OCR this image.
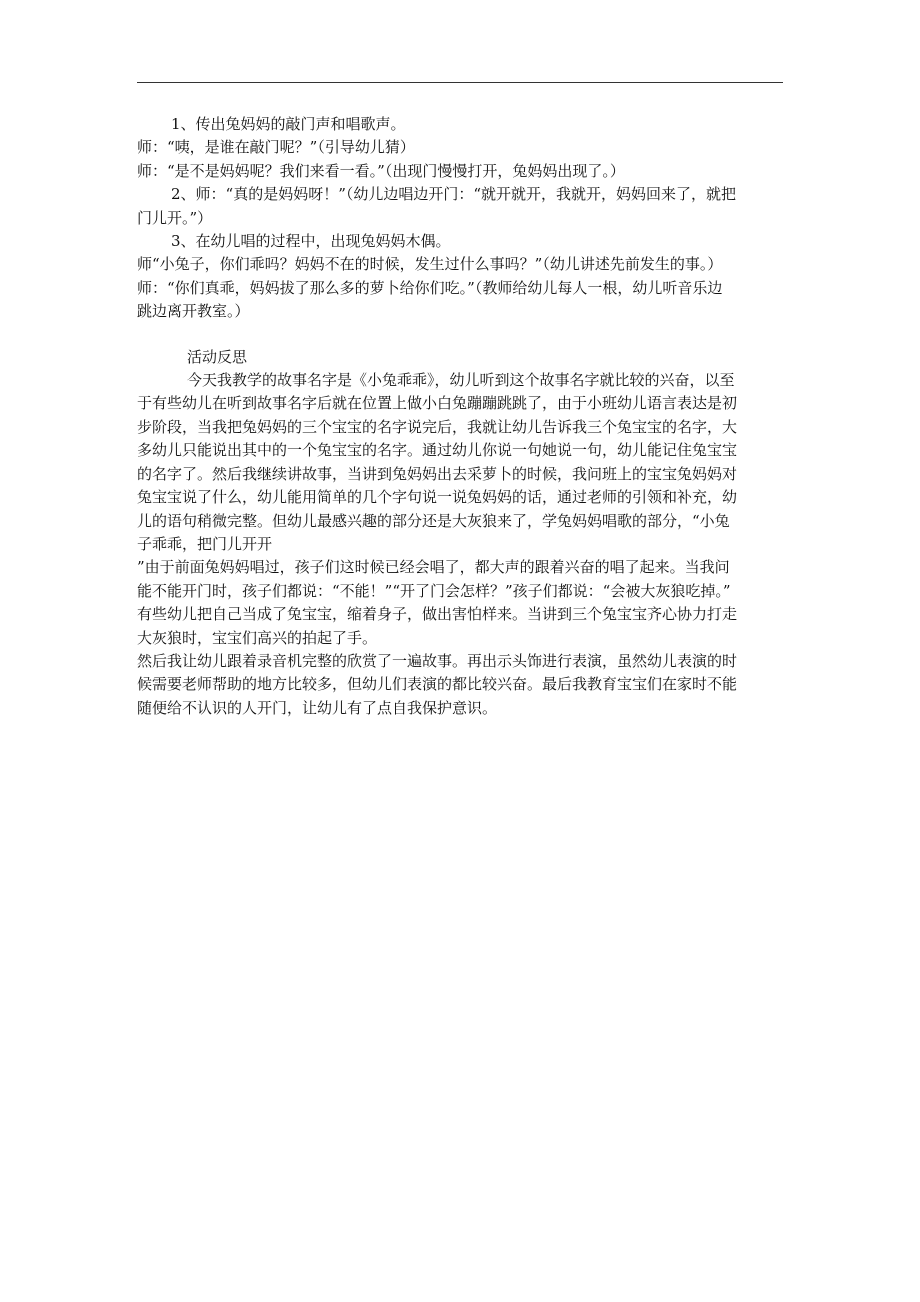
1、传出兔妈妈的敲门声和唱歌声。
师：“咦，是谁在敲门呢？”（引导幼儿猜）
师：“是不是妈妈呢？我们来看一看。”（出现门慢慢打开，兔妈妈出现了。）
2、师：“真的是妈妈呀！”（幼儿边唱边开门：“就开就开，我就开，妈妈回来了，就把
门儿开。”）
3、在幼儿唱的过程中，出现兔妈妈木偶。
师“小兔子，你们乖吗？妈妈不在的时候，发生过什么事吗？”（幼儿讲述先前发生的事。）
师：“你们真乖，妈妈拔了那么多的萝卜给你们吃。”（教师给幼儿每人一根，幼儿听音乐边
跳边离开教室。）
活动反思
今天我教学的故事名字是《小兔乖乖》，幼儿听到这个故事名字就比较的兴奋，以至
于有些幼儿在听到故事名字后就在位置上做小白兔蹦蹦跳跳了，由于小班幼儿语言表达是初
步阶段，当我把兔妈妈的三个宝宝的名字说完后，我就让幼儿告诉我三个兔宝宝的名字，大
多幼儿只能说出其中的一个兔宝宝的名字。通过幼儿你说一句她说一句，幼儿能记住兔宝宝
的名字了。然后我继续讲故事，当讲到兔妈妈出去采萝卜的时候，我问班上的宝宝兔妈妈对
兔宝宝说了什么，幼儿能用简单的几个字句说一说兔妈妈的话，通过老师的引领和补充，幼
儿的语句稍微完整。但幼儿最感兴趣的部分还是大灰狼来了，学兔妈妈唱歌的部分，“小兔
子乖乖，把门儿开开
”由于前面兔妈妈唱过，孩子们这时候已经会唱了，都大声的跟着兴奋的唱了起来。当我问
能不能开门时，孩子们都说：“不能！”“开了门会怎样？”孩子们都说：“会被大灰狼吃掉。”
有些幼儿把自己当成了兔宝宝，缩着身子，做出害怕样来。当讲到三个兔宝宝齐心协力打走
大灰狼时，宝宝们高兴的拍起了手。
然后我让幼儿跟着录音机完整的欣赏了一遍故事。再出示头饰进行表演，虽然幼儿表演的时
候需要老师帮助的地方比较多，但幼儿们表演的都比较兴奋。最后我教育宝宝们在家时不能
随便给不认识的人开门，让幼儿有了点自我保护意识。
